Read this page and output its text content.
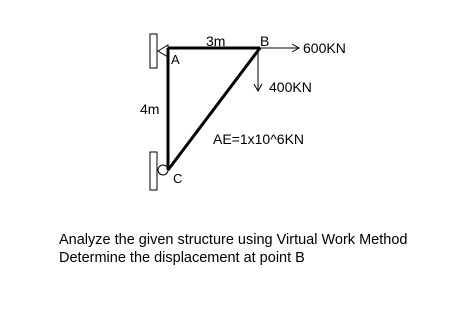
3m
4m
A
B
C
600KN
400KN
AE=1x10^6KN

Analyze the given structure using Virtual Work Method

Determine the displacement at point B
